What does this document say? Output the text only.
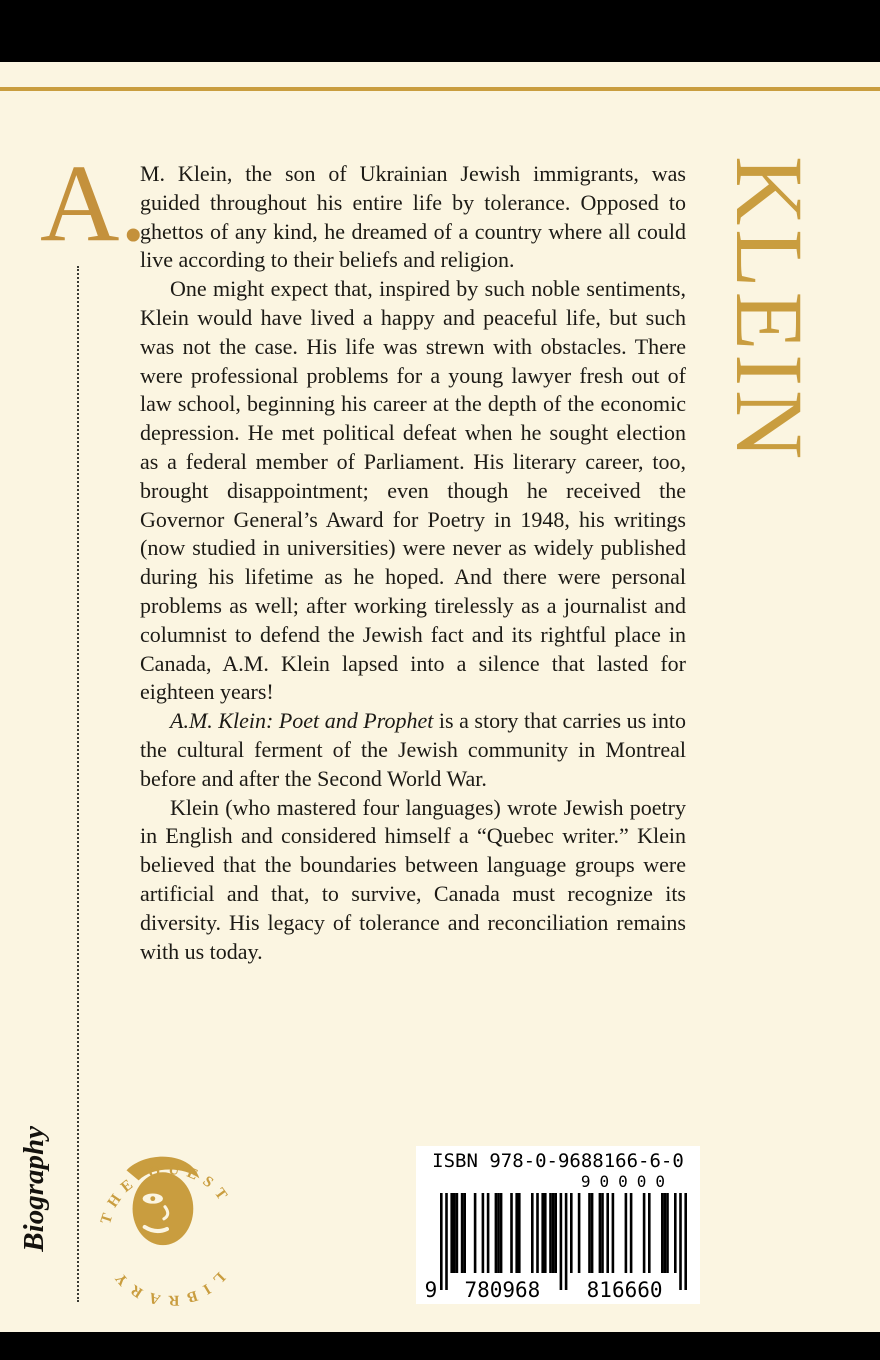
A.	KLEIN

M. Klein, the son of Ukrainian Jewish immigrants, was guided throughout his entire life by tolerance. Opposed to ghettos of any kind, he dreamed of a country where all could live according to their beliefs and religion.

One might expect that, inspired by such noble sentiments, Klein would have lived a happy and peaceful life, but such was not the case. His life was strewn with obstacles. There were professional problems for a young lawyer fresh out of law school, beginning his career at the depth of the economic depression. He met political defeat when he sought election as a federal member of Parliament. His literary career, too, brought disappointment; even though he received the Governor General’s Award for Poetry in 1948, his writings (now studied in universities) were never as widely published during his lifetime as he hoped. And there were personal problems as well; after working tirelessly as a journalist and columnist to defend the Jewish fact and its rightful place in Canada, A.M. Klein lapsed into a silence that lasted for eighteen years!

A.M. Klein: Poet and Prophet is a story that carries us into the cultural ferment of the Jewish community in Montreal before and after the Second World War.

Klein (who mastered four languages) wrote Jewish poetry in English and considered himself a “Quebec writer.” Klein believed that the boundaries between language groups were artificial and that, to survive, Canada must recognize its diversity. His legacy of tolerance and reconciliation remains with us today.

Biography	THE QUEST
LIBRARY
ISBN 978-0-9688166-6-0
90000
9 780968 816660
